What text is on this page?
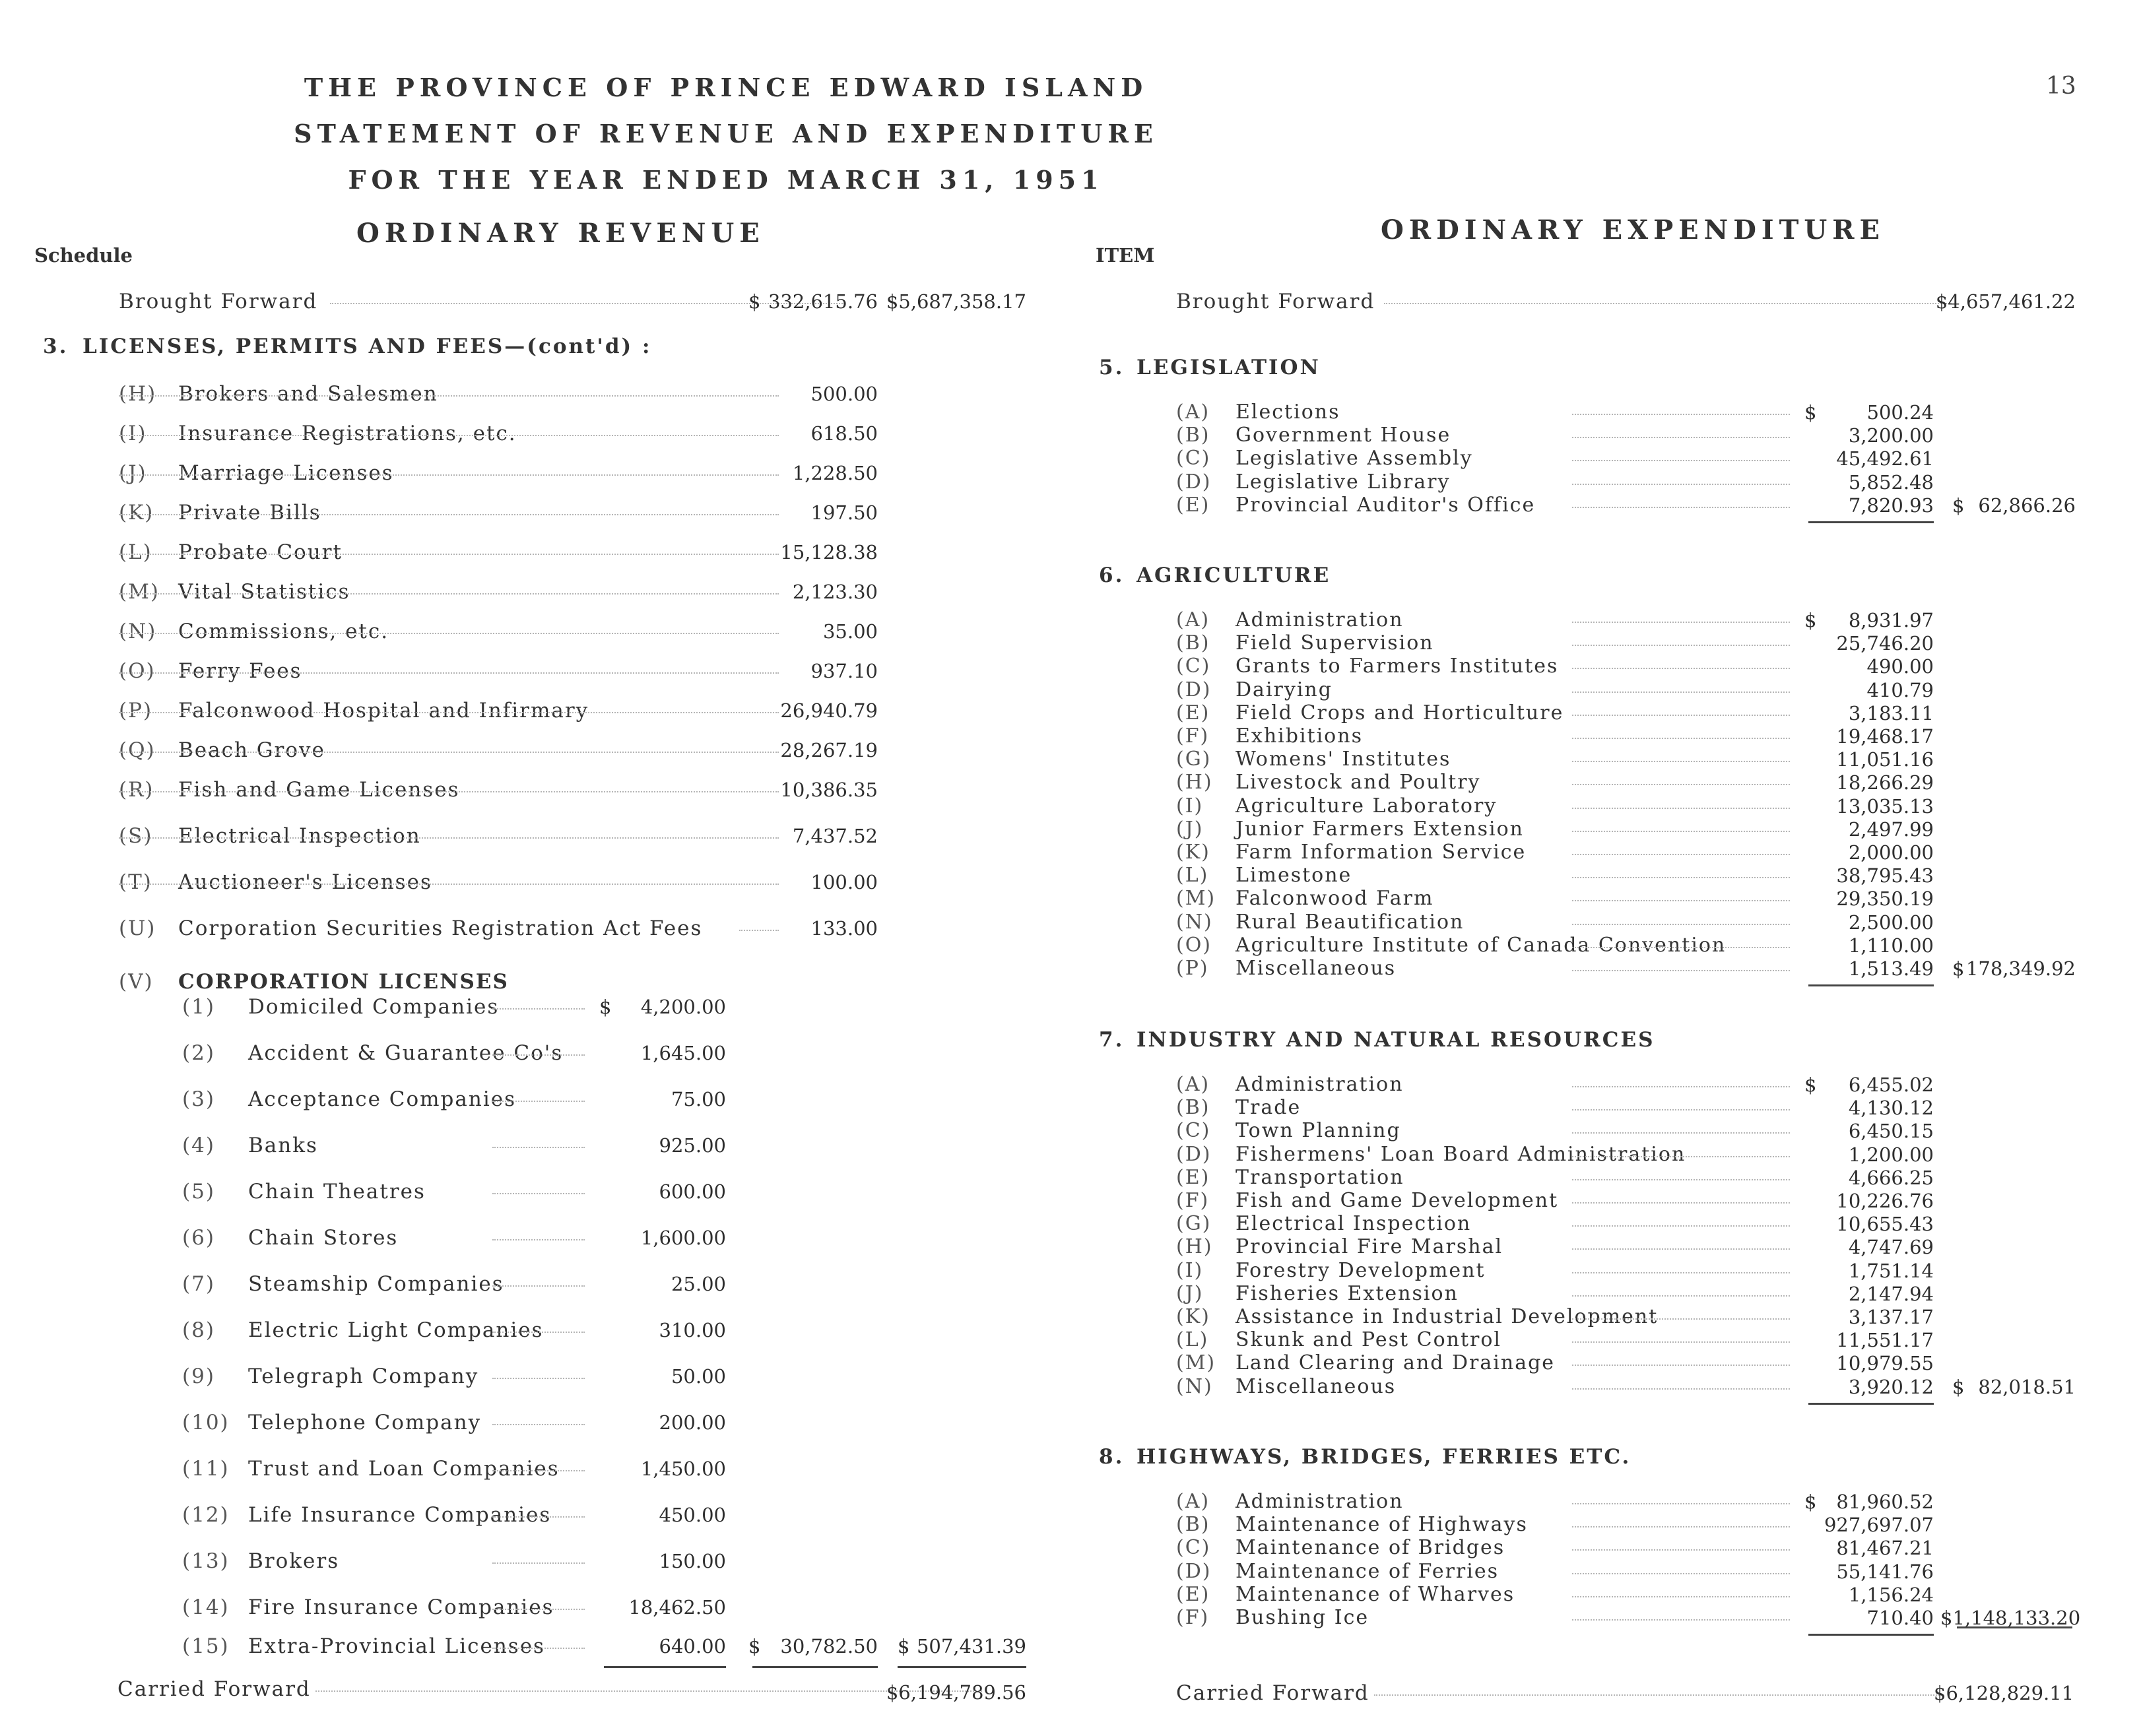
THE PROVINCE OF PRINCE EDWARD ISLAND
STATEMENT OF REVENUE AND EXPENDITURE
FOR THE YEAR ENDED MARCH 31, 1951
13
ORDINARY REVENUE
Schedule
ORDINARY EXPENDITURE
ITEM
Brought Forward	$ 332,615.76 $5,687,358.17
3. LICENSES, PERMITS AND FEES—(cont'd) :
(H) Brokers and Salesmen	500.00
(I) Insurance Registrations, etc.	618.50
(J) Marriage Licenses	1,228.50
(K) Private Bills	197.50
(L) Probate Court	15,128.38
(M) Vital Statistics	2,123.30
(N) Commissions, etc.	35.00
(O) Ferry Fees	937.10
(P) Falconwood Hospital and Infirmary	26,940.79
(Q) Beach Grove	28,267.19
(R) Fish and Game Licenses	10,386.35
(S) Electrical Inspection	7,437.52
(T) Auctioneer's Licenses	100.00
(U) Corporation Securities Registration Act Fees	133.00
(V) CORPORATION LICENSES
$
(1) Domiciled Companies	4,200.00
(2) Accident & Guarantee Co's	1,645.00
(3) Acceptance Companies	75.00
(4) Banks	925.00
(5) Chain Theatres	600.00
(6) Chain Stores	1,600.00
(7) Steamship Companies	25.00
(8) Electric Light Companies	310.00
(9) Telegraph Company	50.00
(10) Telephone Company	200.00
(11) Trust and Loan Companies	1,450.00
(12) Life Insurance Companies	450.00
(13) Brokers	150.00
(14) Fire Insurance Companies	18,462.50
(15) Extra-Provincial Licenses	640.00 $	30,782.50 $ 507,431.39
Carried Forward	$6,194,789.56
Brought Forward	$4,657,461.22
5. LEGISLATION
(A) Elections	$	500.24
(B) Government House	3,200.00
(C) Legislative Assembly	45,492.61
(D) Legislative Library	5,852.48
(E) Provincial Auditor's Office	7,820.93 $ 62,866.26
6. AGRICULTURE
(A) Administration	$	8,931.97
(B) Field Supervision	25,746.20
(C) Grants to Farmers Institutes	490.00
(D) Dairying	410.79
(E) Field Crops and Horticulture	3,183.11
(F) Exhibitions	19,468.17
(G) Womens' Institutes	11,051.16
(H) Livestock and Poultry	18,266.29
(I) Agriculture Laboratory	13,035.13
(J) Junior Farmers Extension	2,497.99
(K) Farm Information Service	2,000.00
(L) Limestone	38,795.43
(M) Falconwood Farm	29,350.19
(N) Rural Beautification	2,500.00
(O) Agriculture Institute of Canada Convention	1,110.00
(P) Miscellaneous	1,513.49 $ 178,349.92
7. INDUSTRY AND NATURAL RESOURCES
(A) Administration	$	6,455.02
(B) Trade	4,130.12
(C) Town Planning	6,450.15
(D) Fishermens' Loan Board Administration	1,200.00
(E) Transportation	4,666.25
(F) Fish and Game Development	10,226.76
(G) Electrical Inspection	10,655.43
(H) Provincial Fire Marshal	4,747.69
(I) Forestry Development	1,751.14
(J) Fisheries Extension	2,147.94
(K) Assistance in Industrial Development	3,137.17
(L) Skunk and Pest Control	11,551.17
(M) Land Clearing and Drainage	10,979.55
(N) Miscellaneous	3,920.12 $ 82,018.51
8. HIGHWAYS, BRIDGES, FERRIES ETC.
(A) Administration	$	81,960.52
(B) Maintenance of Highways	927,697.07
(C) Maintenance of Bridges	81,467.21
(D) Maintenance of Ferries	55,141.76
(E) Maintenance of Wharves	1,156.24
(F) Bushing Ice	710.40 $1,148,133.20
Carried Forward	$6,128,829.11
